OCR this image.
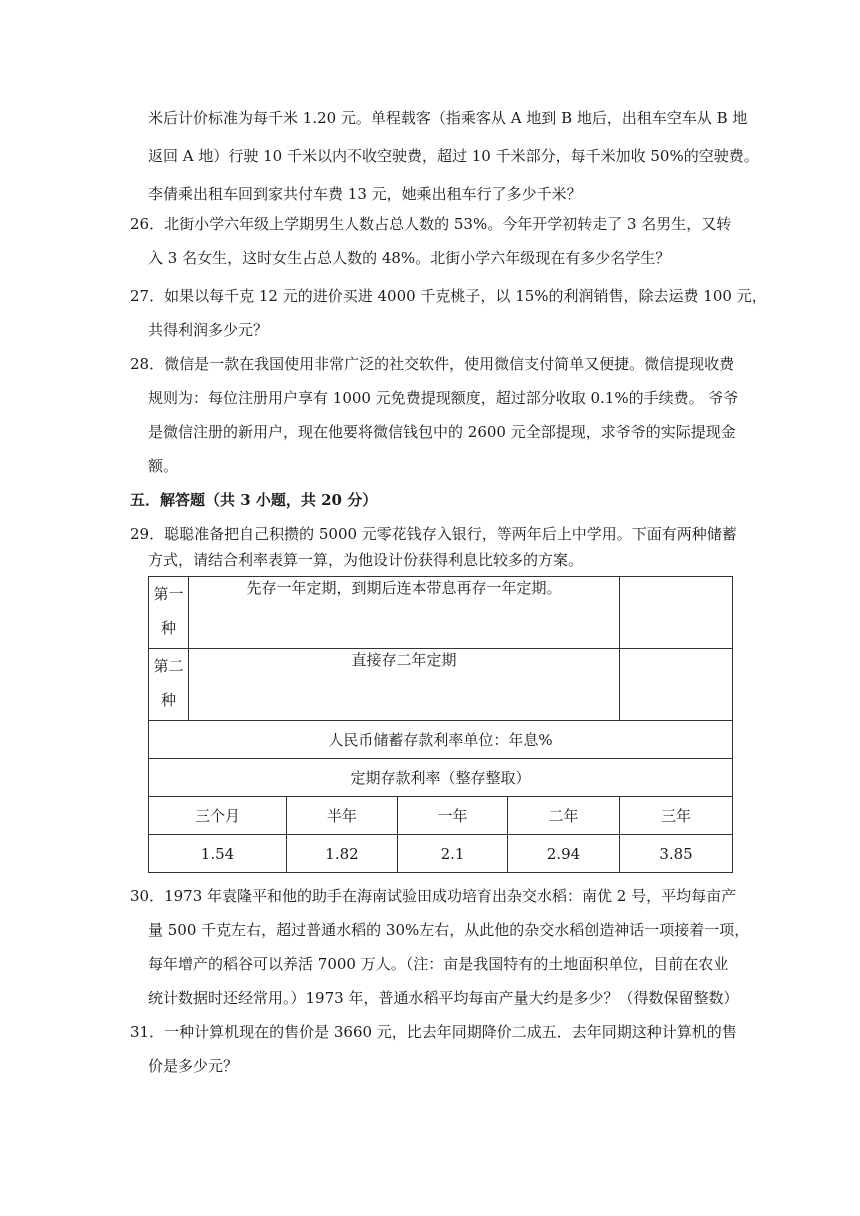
米后计价标准为每千米 1.20 元。单程载客（指乘客从 A 地到 B 地后，出租车空车从 B 地
返回 A 地）行驶 10 千米以内不收空驶费，超过 10 千米部分，每千米加收 50%的空驶费。
李倩乘出租车回到家共付车费 13 元，她乘出租车行了多少千米？
26．北街小学六年级上学期男生人数占总人数的 53%。今年开学初转走了 3 名男生，又转
入 3 名女生，这时女生占总人数的 48%。北街小学六年级现在有多少名学生？
27．如果以每千克 12 元的进价买进 4000 千克桃子，以 15%的利润销售，除去运费 100 元，
共得利润多少元？
28．微信是一款在我国使用非常广泛的社交软件，使用微信支付简单又便捷。微信提现收费
规则为：每位注册用户享有 1000 元免费提现额度，超过部分收取 0.1%的手续费。 爷爷
是微信注册的新用户，现在他要将微信钱包中的 2600 元全部提现，求爷爷的实际提现金
额。
五．解答题（共 3 小题，共 20 分）
29．聪聪准备把自己积攒的 5000 元零花钱存入银行，等两年后上中学用。下面有两种储蓄
方式，请结合利率表算一算，为他设计份获得利息比较多的方案。
第一种	先存一年定期，到期后连本带息再存一年定期。				

第二种	直接存二年定期				
人民币储蓄存款利率单位：年息%					
定期存款利率（整存整取）					
三个月		半年	一年	二年	三年
1.54		1.82	2.1	2.94	3.85
30．1973 年袁隆平和他的助手在海南试验田成功培育出杂交水稻：南优 2 号，平均每亩产
量 500 千克左右，超过普通水稻的 30%左右，从此他的杂交水稻创造神话一项接着一项，
每年增产的稻谷可以养活 7000 万人。（注：亩是我国特有的土地面积单位，目前在农业
统计数据时还经常用。）1973 年，普通水稻平均每亩产量大约是多少？（得数保留整数）
31．一种计算机现在的售价是 3660 元，比去年同期降价二成五．去年同期这种计算机的售
价是多少元？
